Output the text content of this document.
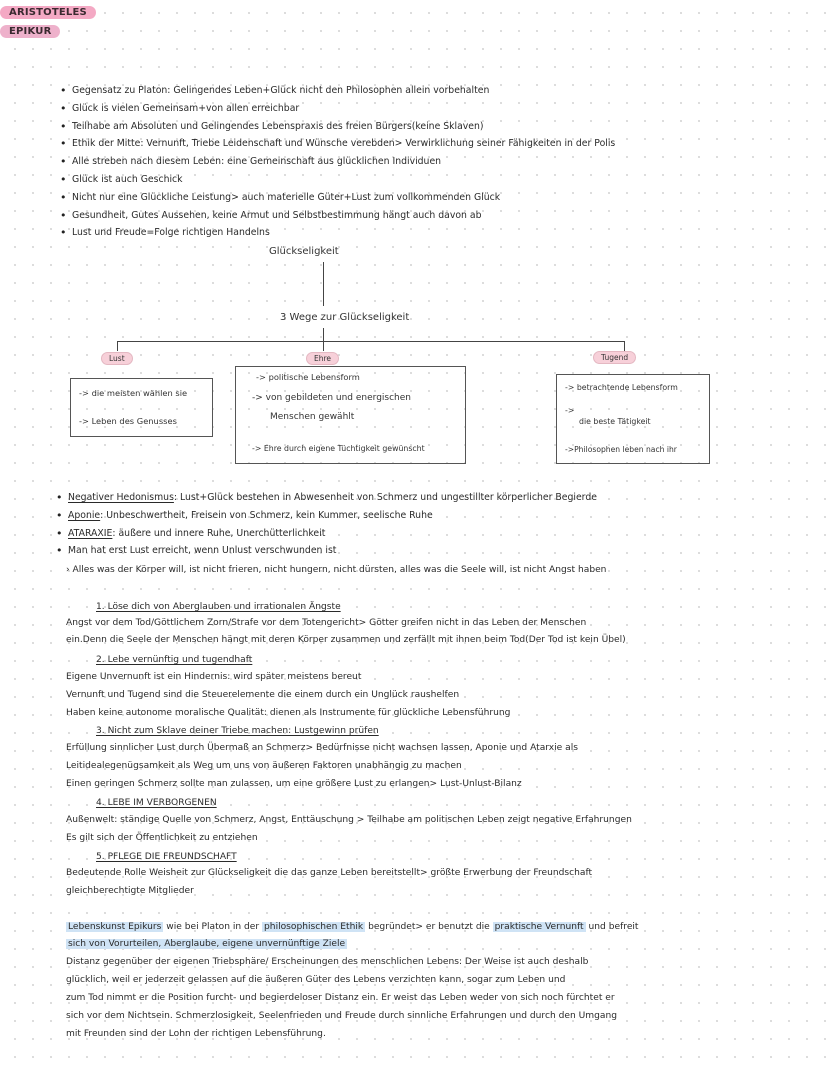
ARISTOTELES
• Gegensatz zu Platon: Gelingendes Leben+Glück nicht den Philosophen allein vorbehalten
• Glück is vielen Gemeinsam+von allen erreichbar
• Teilhabe am Absoluten und Gelingendes Lebenspraxis des freien Bürgers(keine Sklaven)
• Ethik der Mitte: Vernunft, Triebe Leidenschaft und Wünsche verebden> Verwirklichung seiner Fähigkeiten in der Polis
• Alle streben nach diesem Leben: eine Gemeinschaft aus glücklichen Individuen
• Glück ist auch Geschick
• Nicht nur eine Glückliche Leistung> auch materielle Güter+Lust zum vollkommenden Glück
• Gesundheit, Gutes Aussehen, keine Armut und Selbstbestimmung hängt auch davon ab
• Lust und Freude=Folge richtigen Handelns
Glückseligkeit
3 Wege zur Glückseligkeit
Lust	Ehre	Tugend
-> die meisten wählen sie
-> Leben des Genusses
-> politische Lebensform
-> von gebildeten und energischen
Menschen gewählt
-> Ehre durch eigene Tüchtigkeit gewünscht
-> betrachtende Lebensform
->
die beste Tätigkeit
->Philosophen leben nach ihr
EPIKUR
• Negativer Hedonismus: Lust+Glück bestehen in Abwesenheit von Schmerz und ungestillter körperlicher Begierde
• Aponie: Unbeschwertheit, Freisein von Schmerz, kein Kummer, seelische Ruhe
• ATARAXIE: äußere und innere Ruhe, Unerchütterlichkeit
• Man hat erst Lust erreicht, wenn Unlust verschwunden ist
› Alles was der Körper will, ist nicht frieren, nicht hungern, nicht dürsten, alles was die Seele will, ist nicht Angst haben
1. Löse dich von Aberglauben und irrationalen Ängste
Angst vor dem Tod/Göttlichem Zorn/Strafe vor dem Totengericht> Götter greifen nicht in das Leben der Menschen
ein.Denn die Seele der Menschen hängt mit deren Körper zusammen und zerfällt mit ihnen beim Tod(Der Tod ist kein Übel)
2. Lebe vernünftig und tugendhaft
Eigene Unvernunft ist ein Hindernis: wird später meistens bereut
Vernunft und Tugend sind die Steuerelemente die einem durch ein Unglück raushelfen
Haben keine autonome moralische Qualität: dienen als Instrumente für glückliche Lebensführung
3. Nicht zum Sklave deiner Triebe machen: Lustgewinn prüfen
Erfüllung sinnlicher Lust durch Übermaß an Schmerz> Bedürfnisse nicht wachsen lassen, Aponie und Atarxie als
Leitidealegenügsamkeit als Weg um uns von äußeren Faktoren unabhängig zu machen
Einen geringen Schmerz sollte man zulassen, um eine größere Lust zu erlangen> Lust-Unlust-Bilanz
4. LEBE IM VERBORGENEN
Außenwelt: ständige Quelle von Schmerz, Angst, Enttäuschung > Teilhabe am politischen Leben zeigt negative Erfahrungen
Es gilt sich der Öffentlichkeit zu entziehen
5. PFLEGE DIE FREUNDSCHAFT
Bedeutende Rolle Weisheit zur Glückseligkeit die das ganze Leben bereitstellt> größte Erwerbung der Freundschaft
gleichberechtigte Mitglieder
Lebenskunst Epikurs wie bei Platon in der philosophischen Ethik begründet> er benutzt die praktische Vernunft und befreit
sich von Vorurteilen, Aberglaube, eigene unvernünftige Ziele
Distanz gegenüber der eigenen Triebsphäre/ Erscheinungen des menschlichen Lebens: Der Weise ist auch deshalb
glücklich, weil er jederzeit gelassen auf die äußeren Güter des Lebens verzichten kann, sogar zum Leben und
zum Tod nimmt er die Position furcht- und begierdeloser Distanz ein. Er weist das Leben weder von sich noch fürchtet er
sich vor dem Nichtsein. Schmerzlosigkeit, Seelenfrieden und Freude durch sinnliche Erfahrungen und durch den Umgang
mit Freunden sind der Lohn der richtigen Lebensführung.
